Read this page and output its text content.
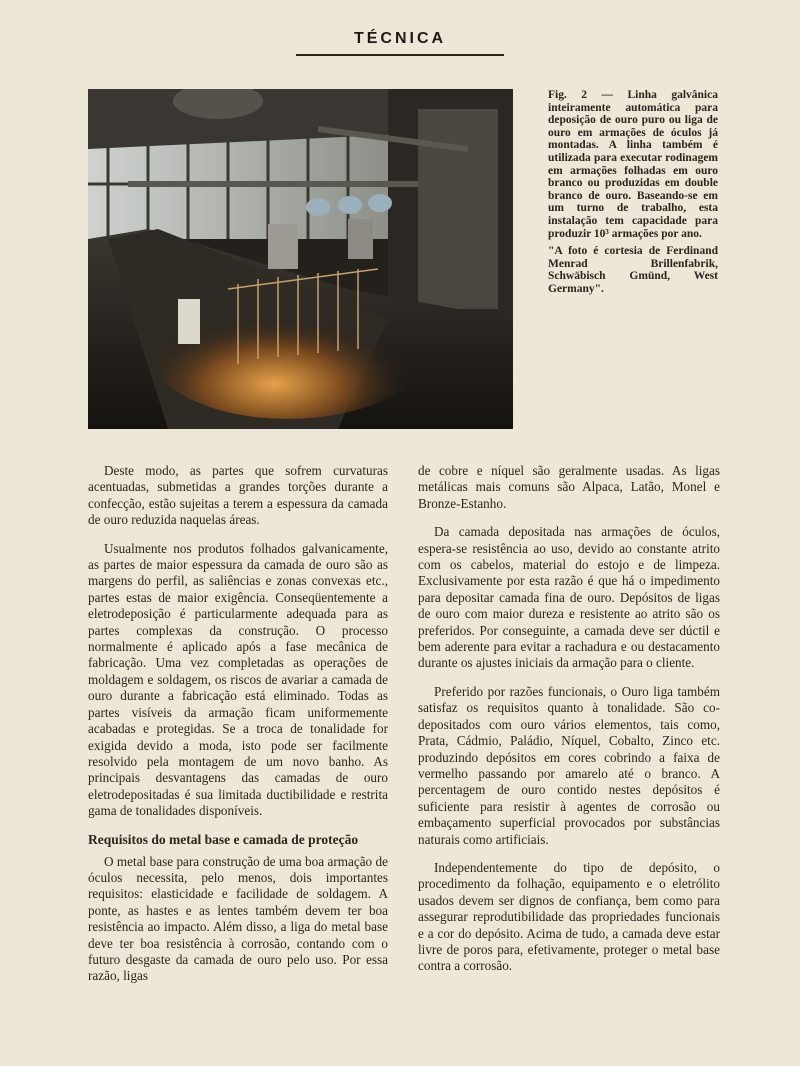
TÉCNICA

Fig. 2 — Linha galvânica inteiramente automática para deposição de ouro puro ou liga de ouro em armações de óculos já montadas. A linha também é utilizada para executar rodinagem em armações folhadas em ouro branco ou produzidas em double branco de ouro. Baseando-se em um turno de trabalho, esta instalação tem capacidade para produzir 10³ armações por ano.

"A foto é cortesia de Ferdinand Menrad Brillenfabrik, Schwäbisch Gmünd, West Germany".

Deste modo, as partes que sofrem curvaturas acentuadas, submetidas a grandes torções durante a confecção, estão sujeitas a terem a espessura da camada de ouro reduzida naquelas áreas.

Usualmente nos produtos folhados galvanicamente, as partes de maior espessura da camada de ouro são as margens do perfil, as saliências e zonas convexas etc., partes estas de maior exigência. Conseqüentemente a eletrodeposição é particularmente adequada para as partes complexas da construção. O processo normalmente é aplicado após a fase mecânica de fabricação. Uma vez completadas as operações de moldagem e soldagem, os riscos de avariar a camada de ouro durante a fabricação está eliminado. Todas as partes visíveis da armação ficam uniformemente acabadas e protegidas. Se a troca de tonalidade for exigida devido a moda, isto pode ser facilmente resolvido pela montagem de um novo banho. As principais desvantagens das camadas de ouro eletrodepositadas é sua limitada ductibilidade e restrita gama de tonalidades disponíveis.

Requisitos do metal base e camada de proteção

O metal base para construção de uma boa armação de óculos necessita, pelo menos, dois importantes requisitos: elasticidade e facilidade de soldagem. A ponte, as hastes e as lentes também devem ter boa resistência ao impacto. Além disso, a liga do metal base deve ter boa resistência à corrosão, contando com o futuro desgaste da camada de ouro pelo uso. Por essa razão, ligas

de cobre e níquel são geralmente usadas. As ligas metálicas mais comuns são Alpaca, Latão, Monel e Bronze-Estanho.

Da camada depositada nas armações de óculos, espera-se resistência ao uso, devido ao constante atrito com os cabelos, material do estojo e de limpeza. Exclusivamente por esta razão é que há o impedimento para depositar camada fina de ouro. Depósitos de ligas de ouro com maior dureza e resistente ao atrito são os preferidos. Por conseguinte, a camada deve ser dúctil e bem aderente para evitar a rachadura e ou destacamento durante os ajustes iniciais da armação para o cliente.

Preferido por razões funcionais, o Ouro liga também satisfaz os requisitos quanto à tonalidade. São co-depositados com ouro vários elementos, tais como, Prata, Cádmio, Paládio, Níquel, Cobalto, Zinco etc. produzindo depósitos em cores cobrindo a faixa de vermelho passando por amarelo até o branco. A percentagem de ouro contido nestes depósitos é suficiente para resistir à agentes de corrosão ou embaçamento superficial provocados por substâncias naturais como artificiais.

Independentemente do tipo de depósito, o procedimento da folhação, equipamento e o eletrólito usados devem ser dignos de confiança, bem como para assegurar reprodutibilidade das propriedades funcionais e a cor do depósito. Acima de tudo, a camada deve estar livre de poros para, efetivamente, proteger o metal base contra a corrosão.
